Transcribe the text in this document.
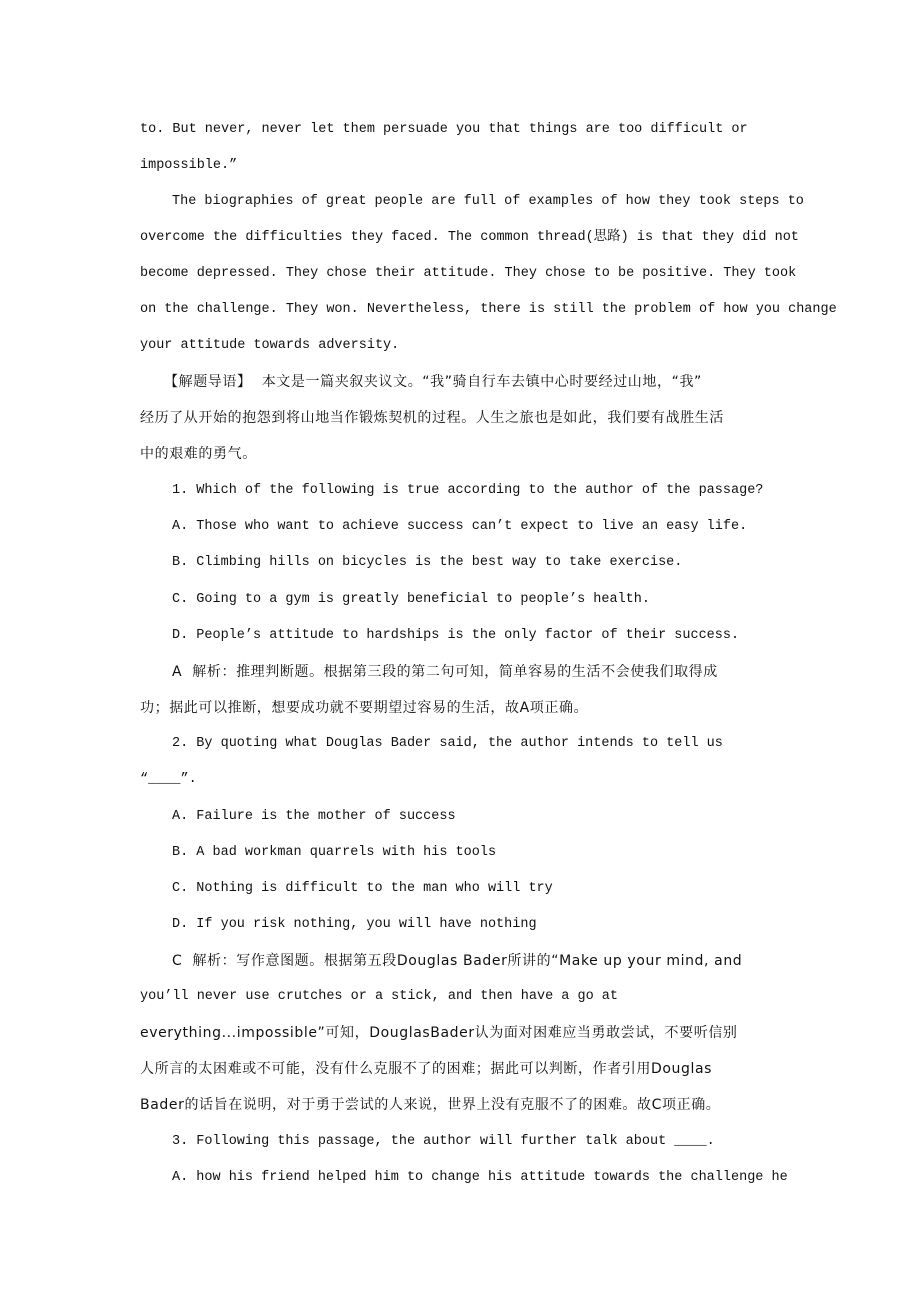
to. But never, never let them persuade you that things are too difficult or
impossible.”
The biographies of great people are full of examples of how they took steps to
overcome the difficulties they faced. The common thread(思路) is that they did not
become depressed. They chose their attitude. They chose to be positive. They took
on the challenge. They won. Nevertheless, there is still the problem of how you change
your attitude towards adversity.
【解题导语】  本文是一篇夹叙夹议文。“我”骑自行车去镇中心时要经过山地，“我”
经历了从开始的抱怨到将山地当作锻炼契机的过程。人生之旅也是如此，我们要有战胜生活
中的艰难的勇气。
1. Which of the following is true according to the author of the passage?
A. Those who want to achieve success can’t expect to live an easy life.
B. Climbing hills on bicycles is the best way to take exercise.
C. Going to a gym is greatly beneficial to people’s health.
D. People’s attitude to hardships is the only factor of their success.
A  解析：推理判断题。根据第三段的第二句可知，简单容易的生活不会使我们取得成
功；据此可以推断，想要成功就不要期望过容易的生活，故A项正确。
2. By quoting what Douglas Bader said, the author intends to tell us
“____”.
A. Failure is the mother of success
B. A bad workman quarrels with his tools
C. Nothing is difficult to the man who will try
D. If you risk nothing, you will have nothing
C  解析：写作意图题。根据第五段Douglas Bader所讲的“Make up your mind, and
you’ll never use crutches or a stick, and then have a go at
everything...impossible”可知，DouglasBader认为面对困难应当勇敢尝试，不要听信别
人所言的太困难或不可能，没有什么克服不了的困难；据此可以判断，作者引用Douglas
Bader的话旨在说明，对于勇于尝试的人来说，世界上没有克服不了的困难。故C项正确。
3. Following this passage, the author will further talk about ____.
A. how his friend helped him to change his attitude towards the challenge he
